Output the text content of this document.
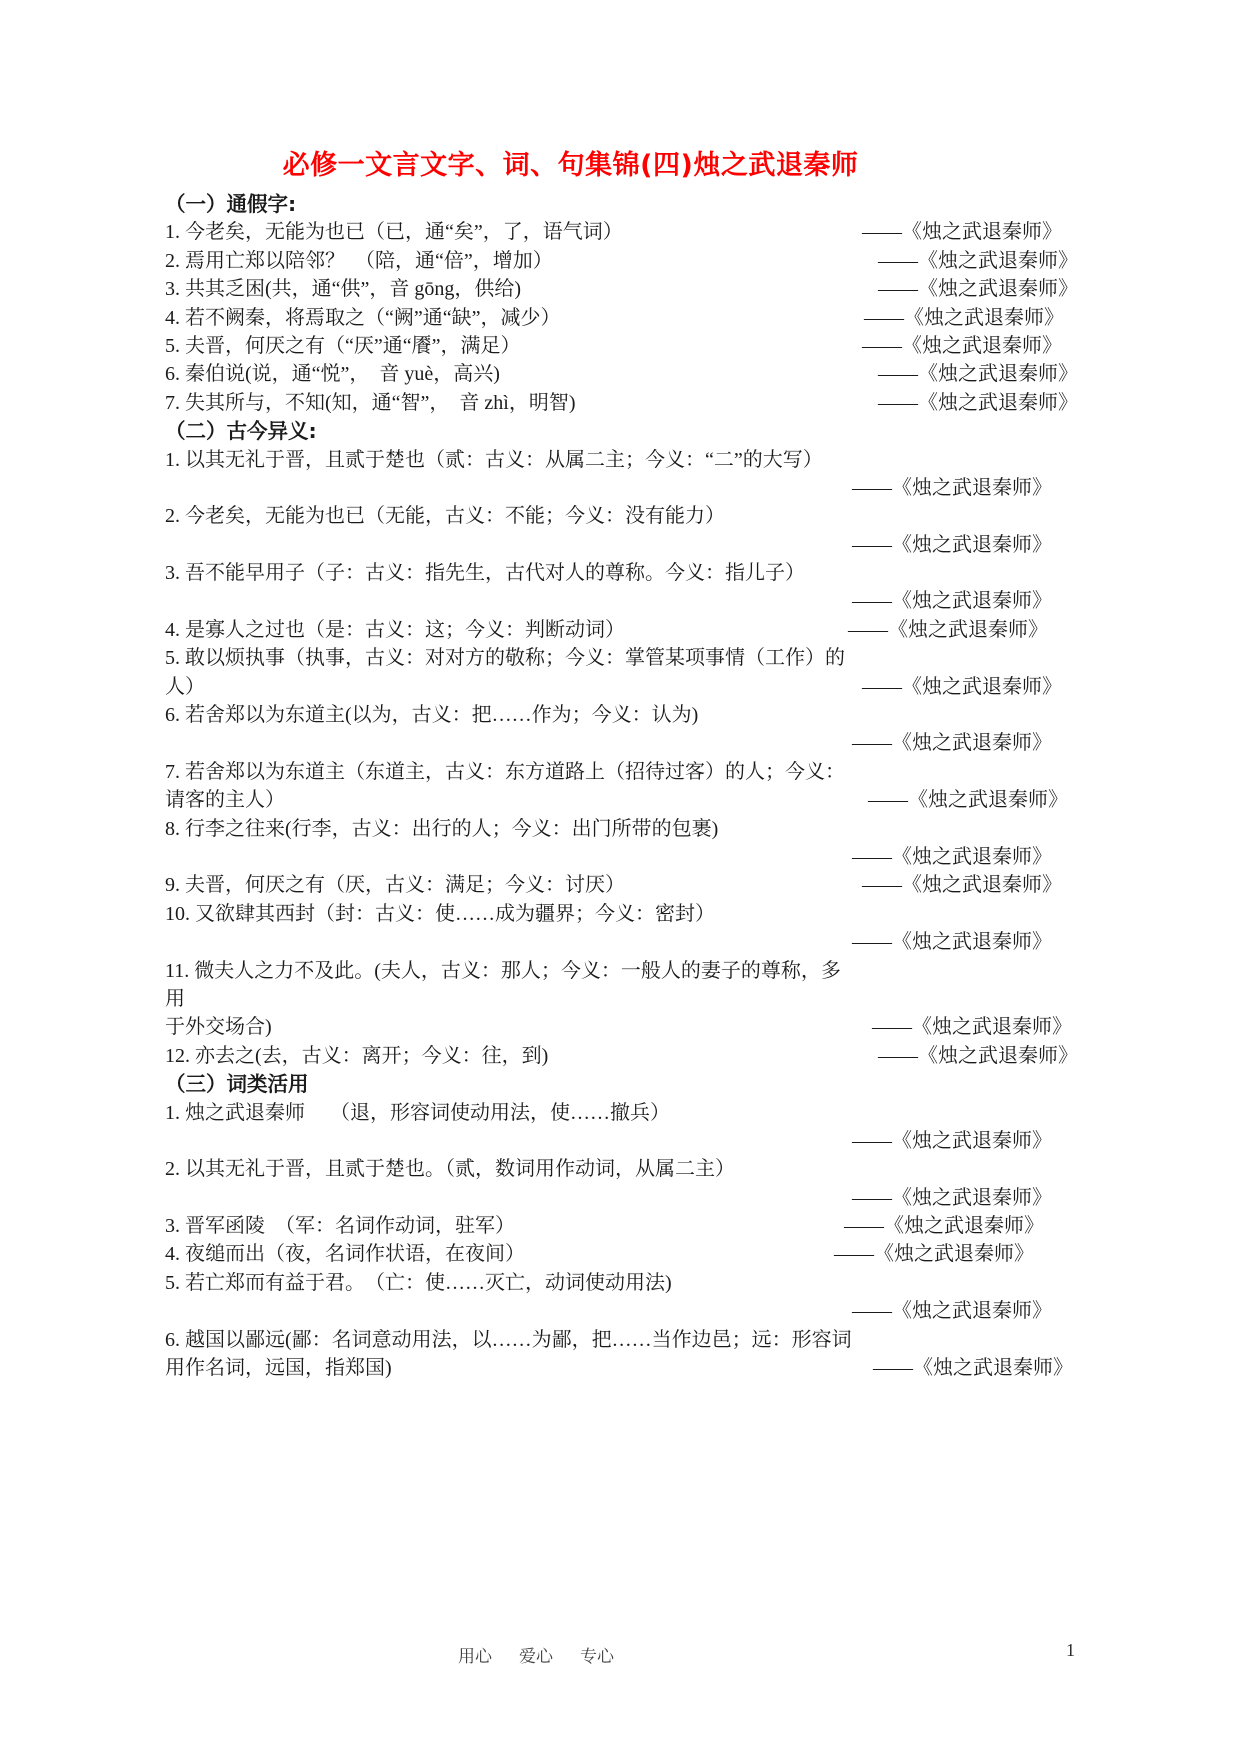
必修一文言文字、词、句集锦(四)烛之武退秦师
（一）通假字:
1. 今老矣，无能为也已（已，通“矣”，了，语气词）	——《烛之武退秦师》
2. 焉用亡郑以陪邻？　（陪，通“倍”，增加）	——《烛之武退秦师》
3. 共其乏困(共，通“供”，音 gōng，供给)	——《烛之武退秦师》
4. 若不阙秦，将焉取之（“阙”通“缺”，减少）	——《烛之武退秦师》
5. 夫晋，何厌之有（“厌”通“餍”，满足）	——《烛之武退秦师》
6. 秦伯说(说，通“悦”，　音 yuè，高兴)	——《烛之武退秦师》
7. 失其所与，不知(知，通“智”，　音 zhì，明智)	——《烛之武退秦师》
（二）古今异义:
1. 以其无礼于晋，且贰于楚也（贰：古义：从属二主；今义：“二”的大写）
——《烛之武退秦师》
2. 今老矣，无能为也已（无能，古义：不能；今义：没有能力）
——《烛之武退秦师》
3. 吾不能早用子（子：古义：指先生，古代对人的尊称。今义：指儿子）
——《烛之武退秦师》
4. 是寡人之过也（是：古义：这；今义：判断动词）	——《烛之武退秦师》
5. 敢以烦执事（执事，古义：对对方的敬称；今义：掌管某项事情（工作）的
人）	——《烛之武退秦师》
6. 若舍郑以为东道主(以为，古义：把……作为；今义：认为)
——《烛之武退秦师》
7. 若舍郑以为东道主（东道主，古义：东方道路上（招待过客）的人；今义：
请客的主人）	——《烛之武退秦师》
8. 行李之往来(行李，古义：出行的人；今义：出门所带的包裹)
——《烛之武退秦师》
9. 夫晋，何厌之有（厌，古义：满足；今义：讨厌）	——《烛之武退秦师》
10. 又欲肆其西封（封：古义：使……成为疆界；今义：密封）
——《烛之武退秦师》
11. 微夫人之力不及此。(夫人，古义：那人；今义：一般人的妻子的尊称，多
用
于外交场合)	——《烛之武退秦师》
12. 亦去之(去，古义：离开；今义：往，到)	——《烛之武退秦师》
（三）词类活用
1. 烛之武退秦师　 （退，形容词使动用法，使……撤兵）
——《烛之武退秦师》
2. 以其无礼于晋，且贰于楚也。（贰，数词用作动词，从属二主）
——《烛之武退秦师》
3. 晋军函陵　（军：名词作动词，驻军）	——《烛之武退秦师》
4. 夜缒而出（夜，名词作状语，在夜间）	——《烛之武退秦师》
5. 若亡郑而有益于君。　（亡：使……灭亡，动词使动用法)
——《烛之武退秦师》
6. 越国以鄙远(鄙：名词意动用法，以……为鄙，把……当作边邑；远：形容词
用作名词，远国，指郑国)	——《烛之武退秦师》
用心 爱心 专心	1
